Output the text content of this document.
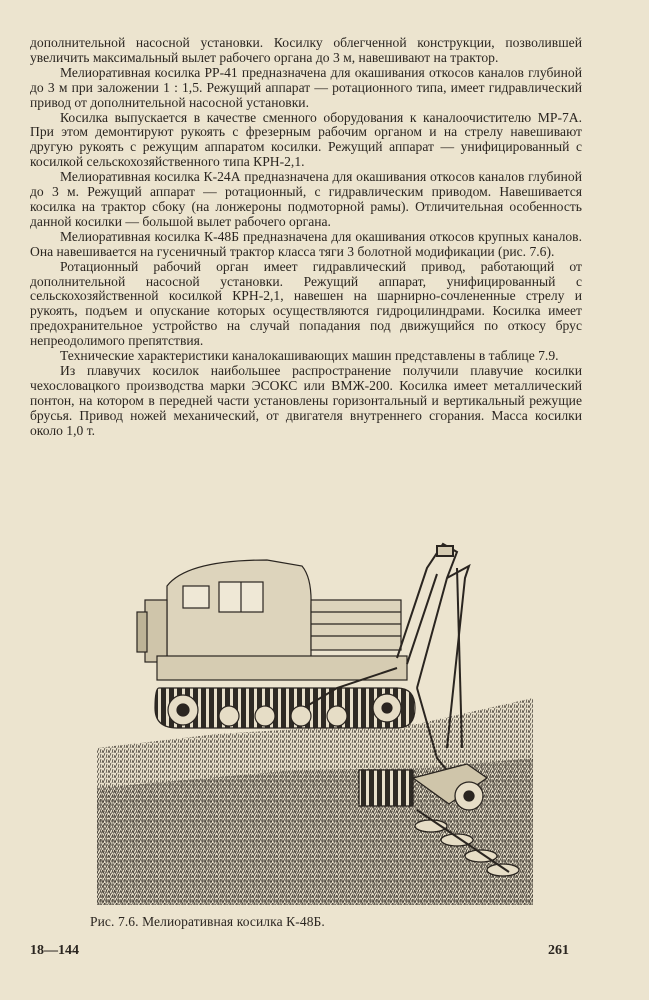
дополнительной насосной установки. Косилку облегченной конструкции, позволившей увеличить максимальный вылет рабочего органа до 3 м, навешивают на трактор.

Мелиоративная косилка РР-41 предназначена для окашивания откосов каналов глубиной до 3 м при заложении 1 : 1,5. Режущий аппарат — ротационного типа, имеет гидравлический привод от дополнительной насосной установки.

Косилка выпускается в качестве сменного оборудования к каналоочистителю МР-7А. При этом демонтируют рукоять с фрезерным рабочим органом и на стрелу навешивают другую рукоять с режущим аппаратом косилки. Режущий аппарат — унифицированный с косилкой сельскохозяйственного типа КРН-2,1.

Мелиоративная косилка К-24А предназначена для окашивания откосов каналов глубиной до 3 м. Режущий аппарат — ротационный, с гидравлическим приводом. Навешивается косилка на трактор сбоку (на лонжероны подмоторной рамы). Отличительная особенность данной косилки — большой вылет рабочего органа.

Мелиоративная косилка К-48Б предназначена для окашивания откосов крупных каналов. Она навешивается на гусеничный трактор класса тяги 3 болотной модификации (рис. 7.6).

Ротационный рабочий орган имеет гидравлический привод, работающий от дополнительной насосной установки. Режущий аппарат, унифицированный с сельскохозяйственной косилкой КРН-2,1, навешен на шарнирно-сочлененные стрелу и рукоять, подъем и опускание которых осуществляются гидроцилиндрами. Косилка имеет предохранительное устройство на случай попадания под движущийся по откосу брус непреодолимого препятствия.

Технические характеристики каналокашивающих машин представлены в таблице 7.9.

Из плавучих косилок наибольшее распространение получили плавучие косилки чехословацкого производства марки ЭСОКС или ВМЖ-200. Косилка имеет металлический понтон, на котором в передней части установлены горизонтальный и вертикальный режущие брусья. Привод ножей механический, от двигателя внутреннего сгорания. Масса косилки около 1,0 т.

Рис. 7.6. Мелиоративная косилка К-48Б.
18—144	261
